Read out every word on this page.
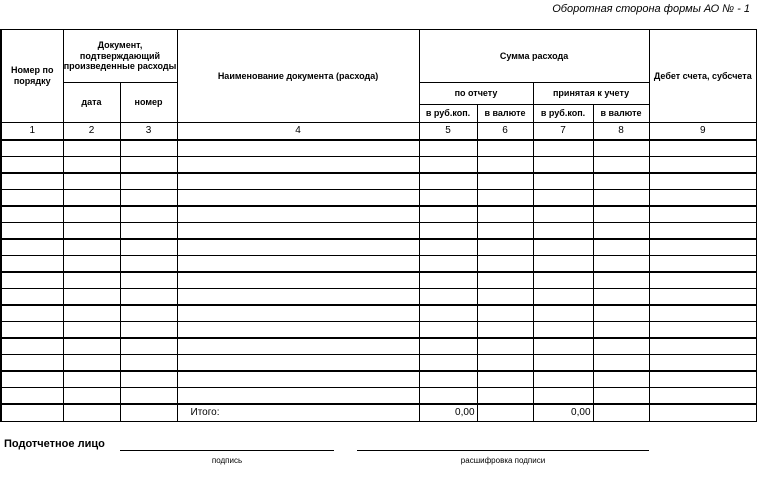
Оборотная сторона формы АО № - 1
Номер по порядку	Документ, подтверждающий произведенные расходы		Наименование документа (расхода)	Сумма расхода				Дебет счета, субсчета
	дата	номер		по отчету		принятая к учету		
				в руб.коп.	в валюте	в руб.коп.	в валюте	
1	2	3	4	5	6	7	8	9

			Итого:	0,00		0,00		
Подотчетное лицо
подпись	расшифровка подписи
